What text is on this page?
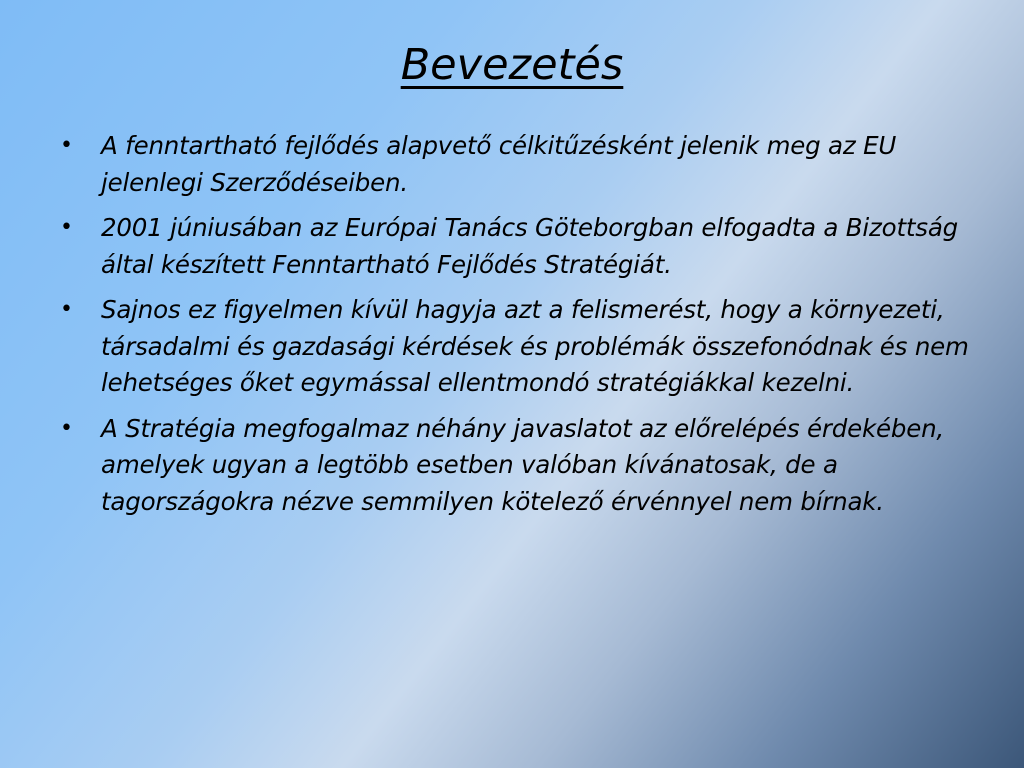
Bevezetés
• A fenntartható fejlődés alapvető célkitűzésként jelenik meg az EU jelenlegi Szerződéseiben.
• 2001 júniusában az Európai Tanács Göteborgban elfogadta a Bizottság által készített Fenntartható Fejlődés Stratégiát.
• Sajnos ez figyelmen kívül hagyja azt a felismerést, hogy a környezeti, társadalmi és gazdasági kérdések és problémák összefonódnak és nem lehetséges őket egymással ellentmondó stratégiákkal kezelni.
• A Stratégia megfogalmaz néhány javaslatot az előrelépés érdekében, amelyek ugyan a legtöbb esetben valóban kívánatosak, de a tagországokra nézve semmilyen kötelező érvénnyel nem bírnak.
